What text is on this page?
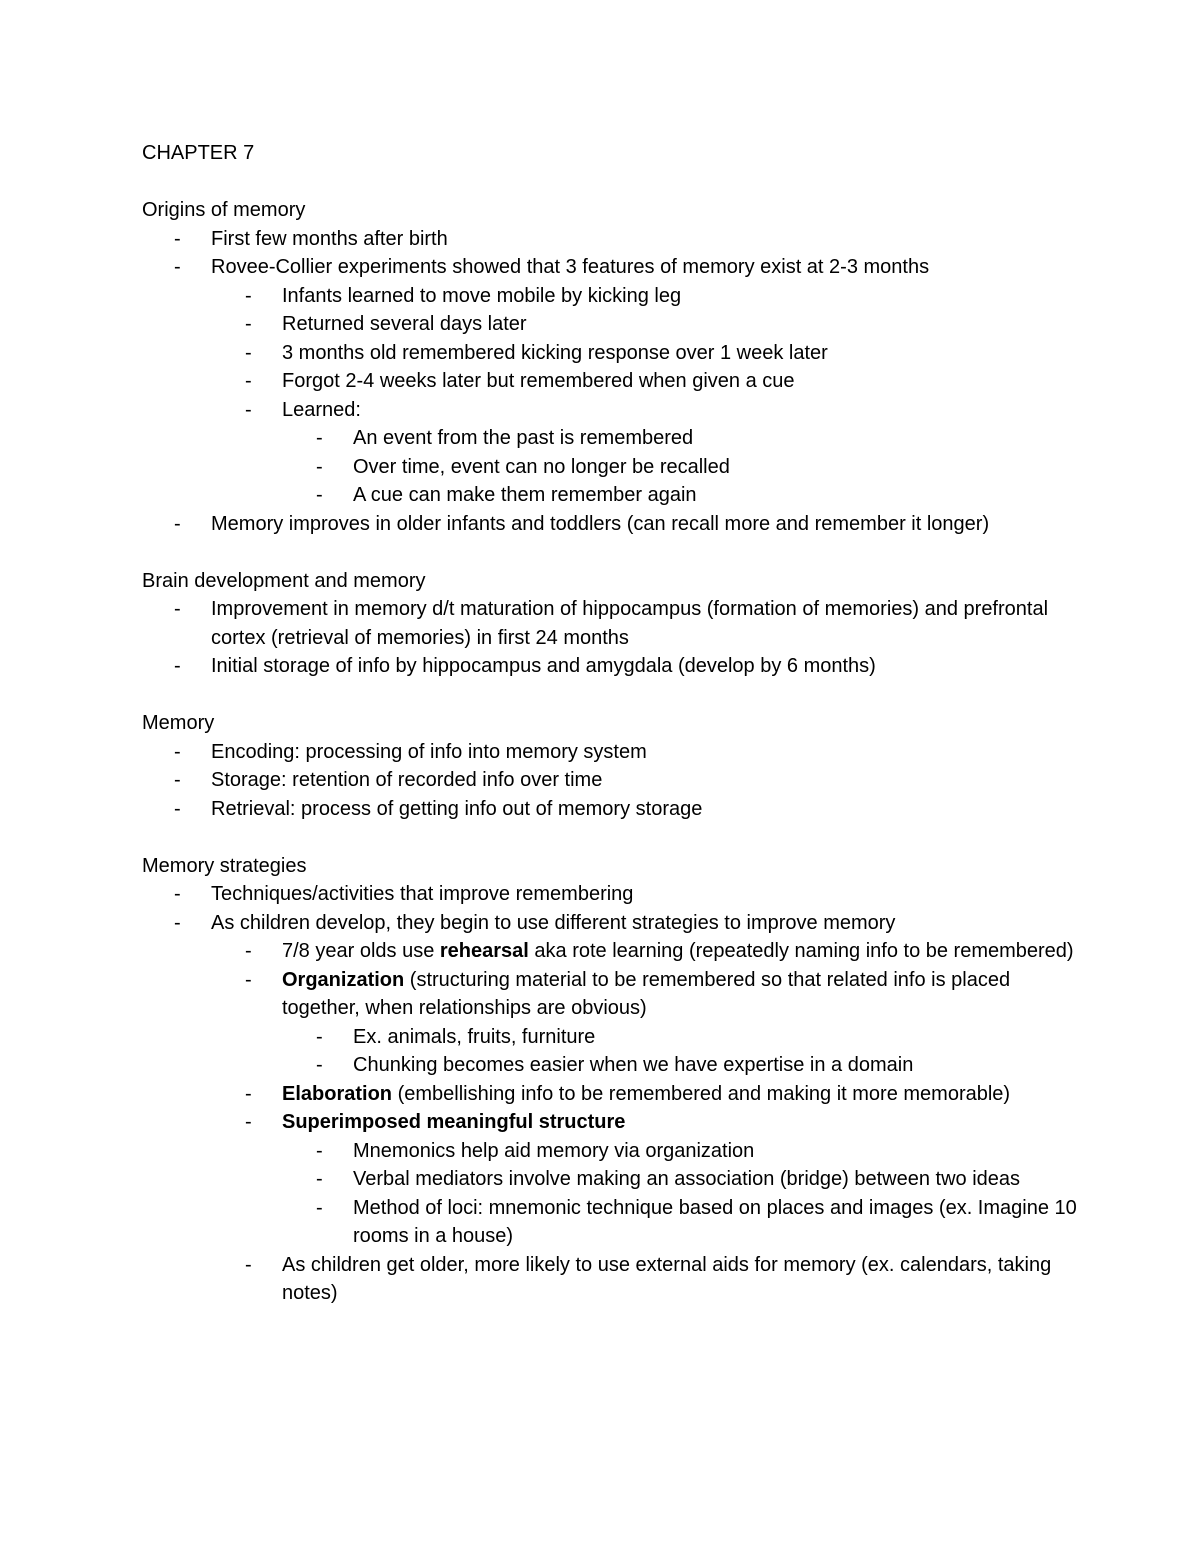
CHAPTER 7
Origins of memory
- First few months after birth
- Rovee-Collier experiments showed that 3 features of memory exist at 2-3 months
- Infants learned to move mobile by kicking leg
- Returned several days later
- 3 months old remembered kicking response over 1 week later
- Forgot 2-4 weeks later but remembered when given a cue
- Learned:
- An event from the past is remembered
- Over time, event can no longer be recalled
- A cue can make them remember again
- Memory improves in older infants and toddlers (can recall more and remember it longer)
Brain development and memory
- Improvement in memory d/t maturation of hippocampus (formation of memories) and prefrontal cortex (retrieval of memories) in first 24 months
- Initial storage of info by hippocampus and amygdala (develop by 6 months)
Memory
- Encoding: processing of info into memory system
- Storage: retention of recorded info over time
- Retrieval: process of getting info out of memory storage
Memory strategies
- Techniques/activities that improve remembering
- As children develop, they begin to use different strategies to improve memory
- 7/8 year olds use rehearsal aka rote learning (repeatedly naming info to be remembered)
- Organization (structuring material to be remembered so that related info is placed together, when relationships are obvious)
- Ex. animals, fruits, furniture
- Chunking becomes easier when we have expertise in a domain
- Elaboration (embellishing info to be remembered and making it more memorable)
- Superimposed meaningful structure
- Mnemonics help aid memory via organization
- Verbal mediators involve making an association (bridge) between two ideas
- Method of loci: mnemonic technique based on places and images (ex. Imagine 10 rooms in a house)
- As children get older, more likely to use external aids for memory (ex. calendars, taking notes)
